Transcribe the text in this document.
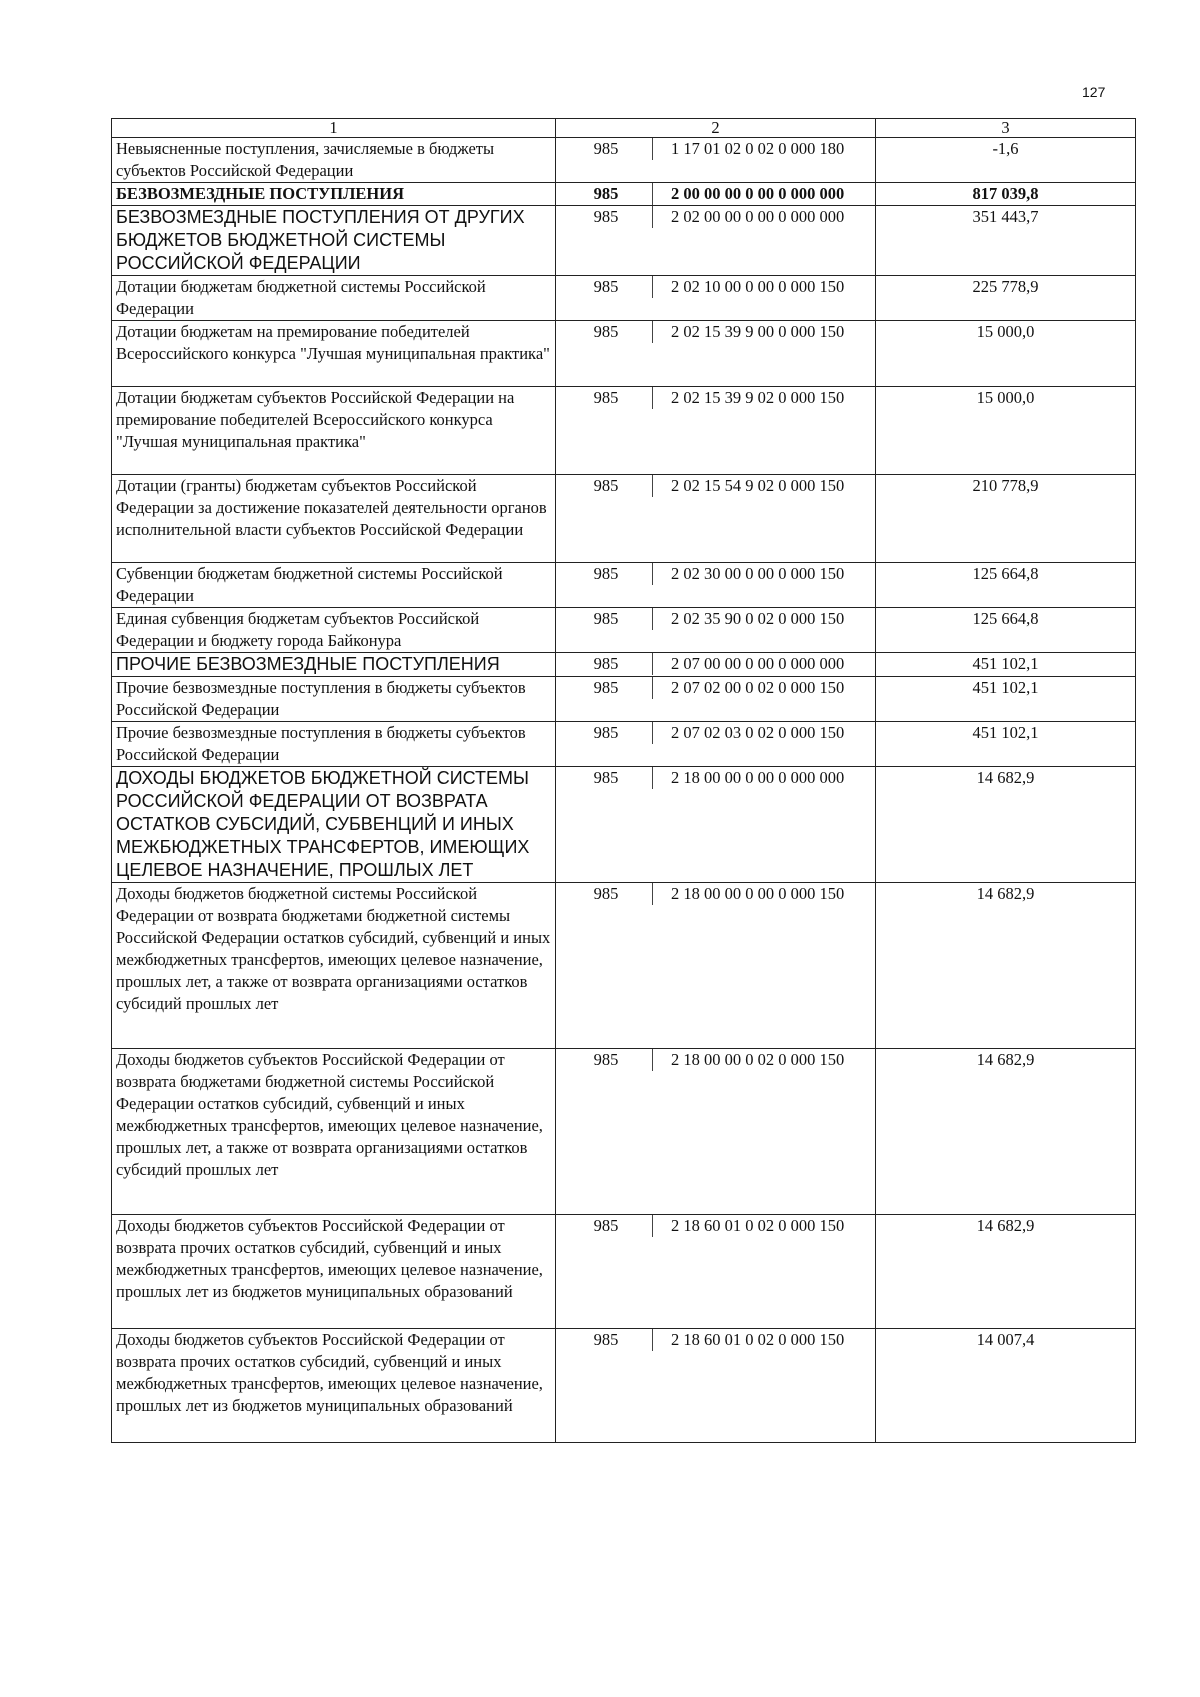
127
1	2	3
Невыясненные поступления, зачисляемые в бюджеты субъектов Российской Федерации	985 1 17 01 02 0 02 0 000 180	-1,6
БЕЗВОЗМЕЗДНЫЕ ПОСТУПЛЕНИЯ	985 2 00 00 00 0 00 0 000 000	817 039,8
БЕЗВОЗМЕЗДНЫЕ ПОСТУПЛЕНИЯ ОТ ДРУГИХ БЮДЖЕТОВ БЮДЖЕТНОЙ СИСТЕМЫ РОССИЙСКОЙ ФЕДЕРАЦИИ	985 2 02 00 00 0 00 0 000 000	351 443,7
Дотации бюджетам бюджетной системы Российской Федерации	985 2 02 10 00 0 00 0 000 150	225 778,9
Дотации бюджетам на премирование победителей Всероссийского конкурса "Лучшая муниципальная практика"	985 2 02 15 39 9 00 0 000 150	15 000,0
Дотации бюджетам субъектов Российской Федерации на премирование победителей Всероссийского конкурса "Лучшая муниципальная практика"	985 2 02 15 39 9 02 0 000 150	15 000,0
Дотации (гранты) бюджетам субъектов Российской Федерации за достижение показателей деятельности органов исполнительной власти субъектов Российской Федерации	985 2 02 15 54 9 02 0 000 150	210 778,9
Субвенции бюджетам бюджетной системы Российской Федерации	985 2 02 30 00 0 00 0 000 150	125 664,8
Единая субвенция бюджетам субъектов Российской Федерации и бюджету города Байконура	985 2 02 35 90 0 02 0 000 150	125 664,8
ПРОЧИЕ БЕЗВОЗМЕЗДНЫЕ ПОСТУПЛЕНИЯ	985 2 07 00 00 0 00 0 000 000	451 102,1
Прочие безвозмездные поступления в бюджеты субъектов Российской Федерации	985 2 07 02 00 0 02 0 000 150	451 102,1
Прочие безвозмездные поступления в бюджеты субъектов Российской Федерации	985 2 07 02 03 0 02 0 000 150	451 102,1
ДОХОДЫ БЮДЖЕТОВ БЮДЖЕТНОЙ СИСТЕМЫ РОССИЙСКОЙ ФЕДЕРАЦИИ ОТ ВОЗВРАТА ОСТАТКОВ СУБСИДИЙ, СУБВЕНЦИЙ И ИНЫХ МЕЖБЮДЖЕТНЫХ ТРАНСФЕРТОВ, ИМЕЮЩИХ ЦЕЛЕВОЕ НАЗНАЧЕНИЕ, ПРОШЛЫХ ЛЕТ	985 2 18 00 00 0 00 0 000 000	14 682,9
Доходы бюджетов бюджетной системы Российской Федерации от возврата бюджетами бюджетной системы Российской Федерации остатков субсидий, субвенций и иных межбюджетных трансфертов, имеющих целевое назначение, прошлых лет, а также от возврата организациями остатков субсидий прошлых лет	985 2 18 00 00 0 00 0 000 150	14 682,9
Доходы бюджетов субъектов Российской Федерации от возврата бюджетами бюджетной системы Российской Федерации остатков субсидий, субвенций и иных межбюджетных трансфертов, имеющих целевое назначение, прошлых лет, а также от возврата организациями остатков субсидий прошлых лет	985 2 18 00 00 0 02 0 000 150	14 682,9
Доходы бюджетов субъектов Российской Федерации от возврата прочих остатков субсидий, субвенций и иных межбюджетных трансфертов, имеющих целевое назначение, прошлых лет из бюджетов муниципальных образований	985 2 18 60 01 0 02 0 000 150	14 682,9
Доходы бюджетов субъектов Российской Федерации от возврата прочих остатков субсидий, субвенций и иных межбюджетных трансфертов, имеющих целевое назначение, прошлых лет из бюджетов муниципальных образований	985 2 18 60 01 0 02 0 000 150	14 007,4
